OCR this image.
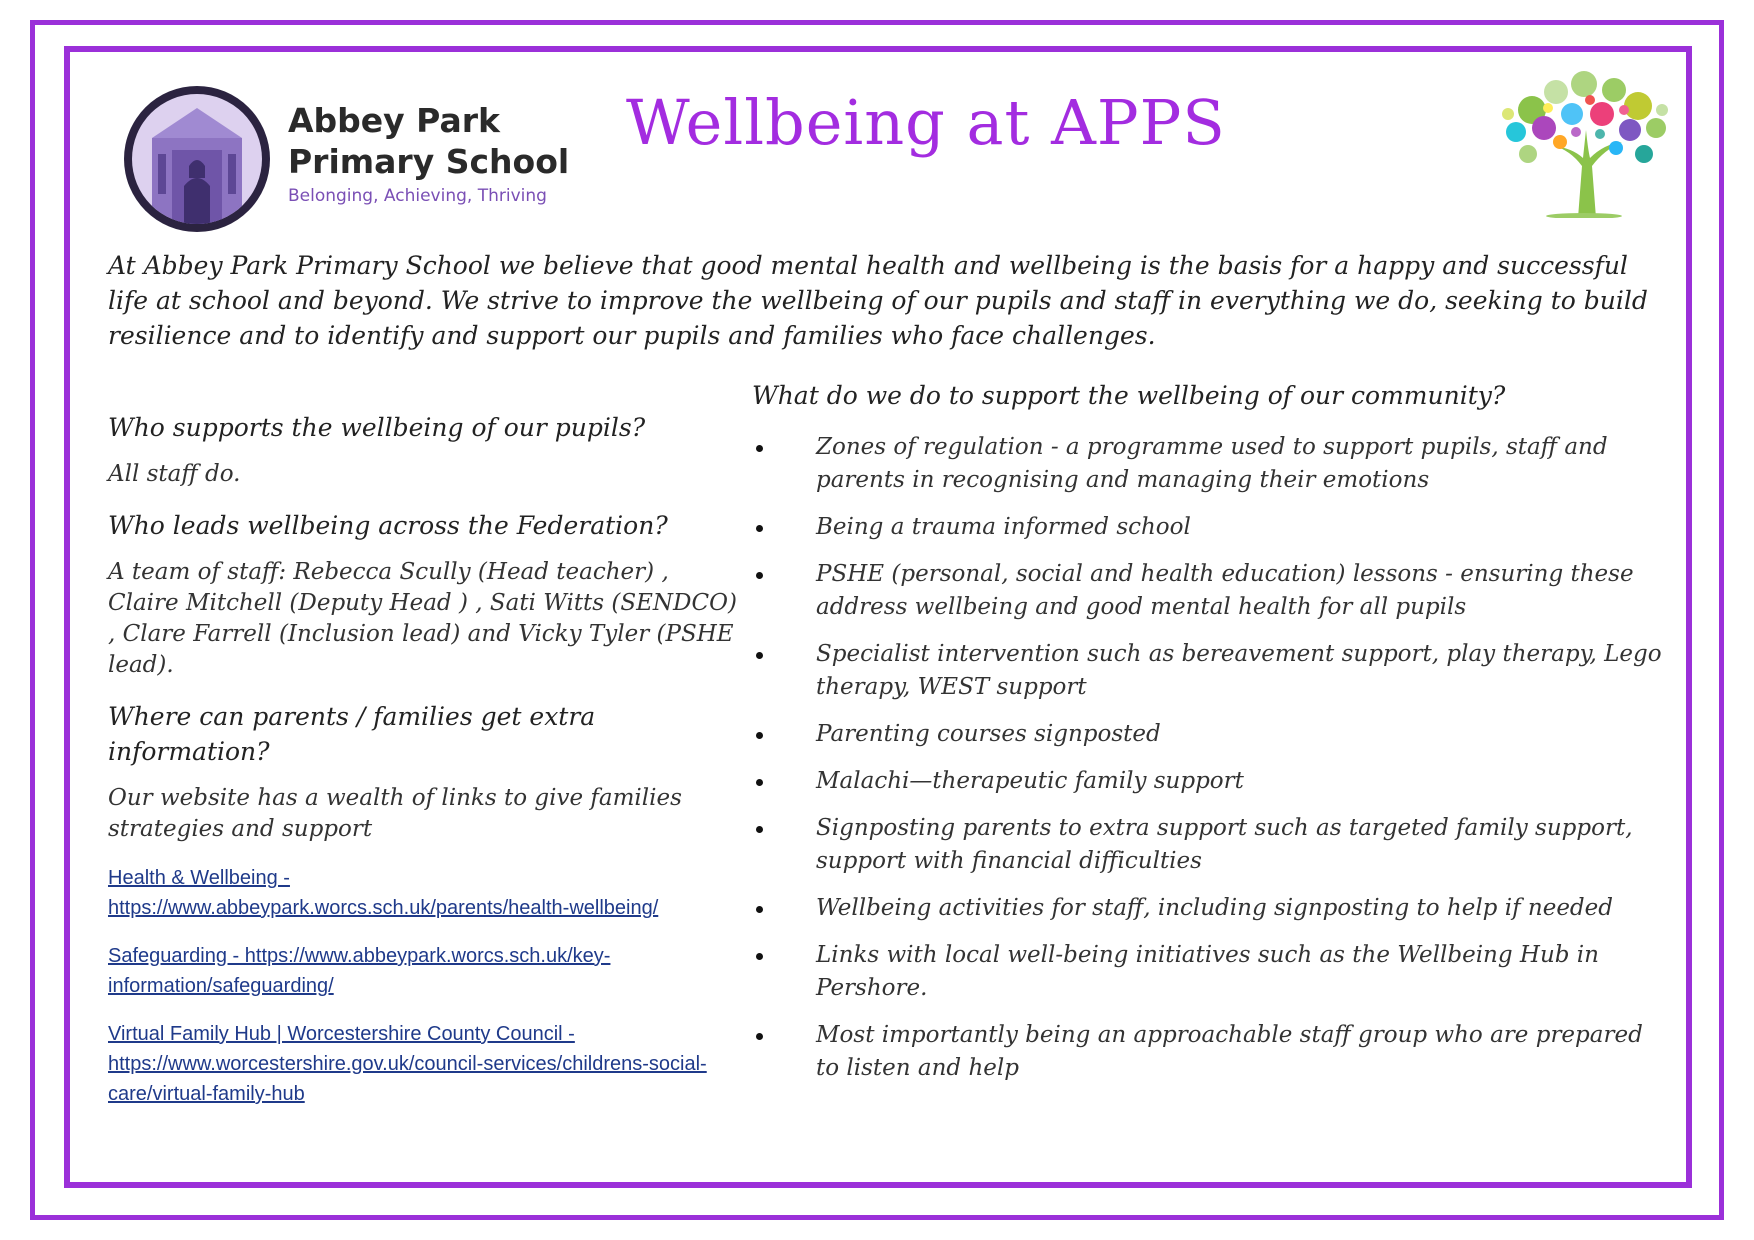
Abbey Park
Primary School
Belonging, Achieving, Thriving
Wellbeing at APPS
At Abbey Park Primary School we believe that good mental health and wellbeing is the basis for a happy and successful life at school and beyond. We strive to improve the wellbeing of our pupils and staff in everything we do, seeking to build resilience and to identify and support our pupils and families who face challenges.
Who supports the wellbeing of our pupils?
All staff do.
Who leads wellbeing across the Federation?
A team of staff: Rebecca Scully (Head teacher) , Claire Mitchell (Deputy Head ) , Sati Witts (SENDCO) , Clare Farrell (Inclusion lead) and Vicky Tyler (PSHE lead).
Where can parents / families get extra information?
Our website has a wealth of links to give families strategies and support
Health & Wellbeing - https://www.abbeypark.worcs.sch.uk/parents/health-wellbeing/
Safeguarding - https://www.abbeypark.worcs.sch.uk/key-information/safeguarding/
Virtual Family Hub | Worcestershire County Council - https://www.worcestershire.gov.uk/council-services/childrens-social-care/virtual-family-hub
What do we do to support the wellbeing of our community?
Zones of regulation - a programme used to support pupils, staff and parents in recognising and managing their emotions
Being a trauma informed school
PSHE (personal, social and health education) lessons - ensuring these address wellbeing and good mental health for all pupils
Specialist intervention such as bereavement support, play therapy, Lego therapy, WEST support
Parenting courses signposted
Malachi—therapeutic family support
Signposting parents to extra support such as targeted family support, support with financial difficulties
Wellbeing activities for staff, including signposting to help if needed
Links with local well-being initiatives such as the Wellbeing Hub in Pershore.
Most importantly being an approachable staff group who are prepared to listen and help
